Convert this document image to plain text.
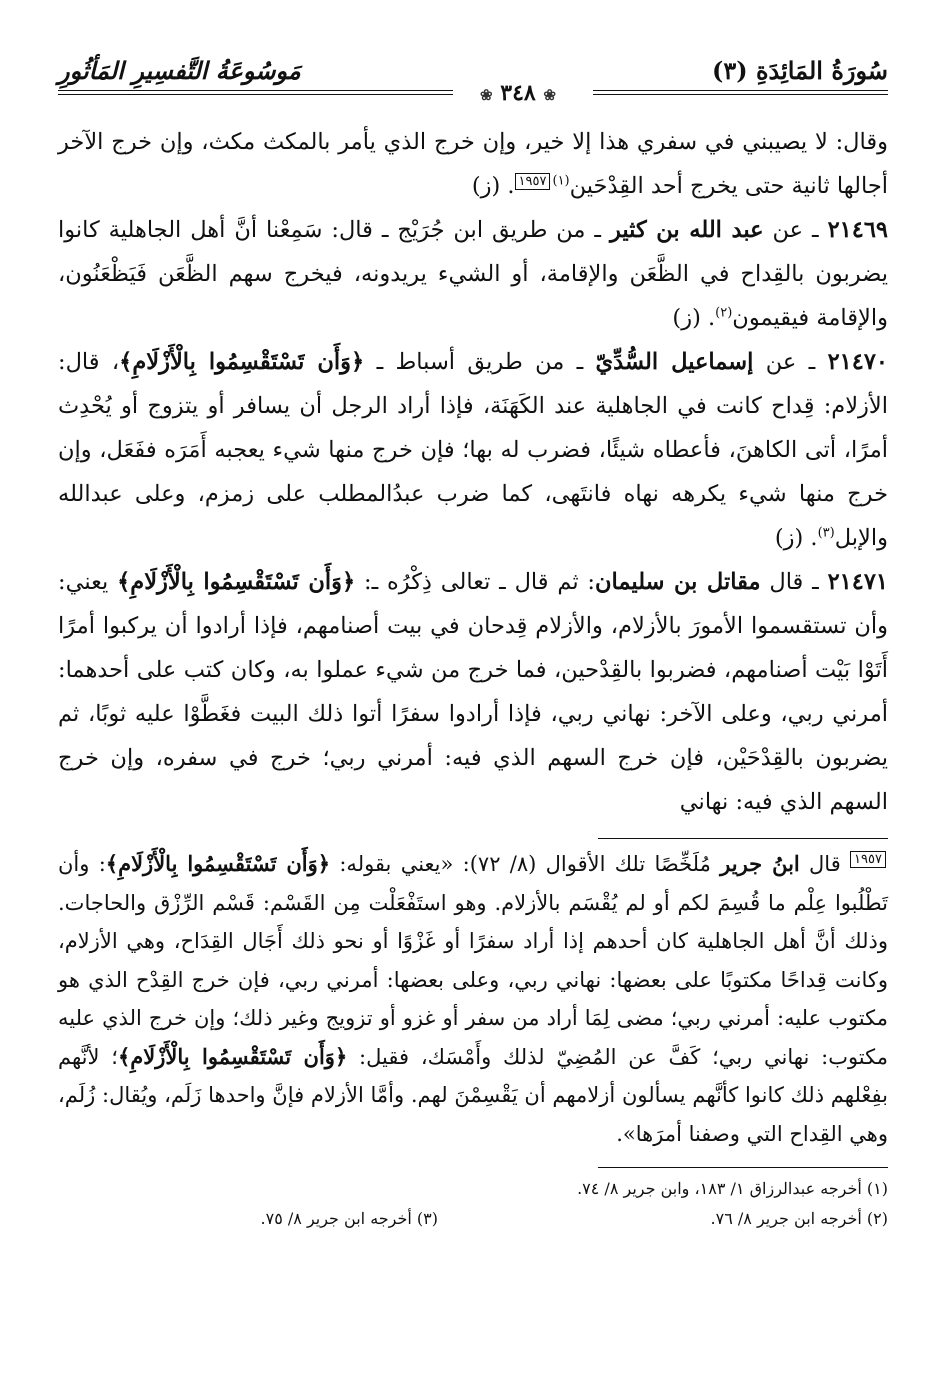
سُورَةُ المَائِدَةِ (٣)
مَوسُوعَةُ التَّفسِيرِ المَأثُورِ
❀ ٣٤٨ ❀

وقال: لا يصيبني في سفري هذا إلا خير، وإن خرج الذي يأمر بالمكث مكث، وإن خرج الآخر أجالها ثانية حتى يخرج أحد القِدْحَين$^{(١)}$١٩٥٧. (ز)

٢١٤٦٩ ـ عن عبد الله بن كثير ـ من طريق ابن جُرَيْج ـ قال: سَمِعْنا أنَّ أهل الجاهلية كانوا يضربون بالقِداح في الظَّعَن والإقامة، أو الشيء يريدونه، فيخرج سهم الظَّعَن فَيَظْعَنُون، والإقامة فيقيمون$^{(٢)}$. (ز)

٢١٤٧٠ ـ عن إسماعيل السُّدِّيّ ـ من طريق أسباط ـ ﴿وَأَن تَسْتَقْسِمُوا بِالْأَزْلَامِ﴾، قال: الأزلام: قِداح كانت في الجاهلية عند الكَهَنَة، فإذا أراد الرجل أن يسافر أو يتزوج أو يُحْدِث أمرًا، أتى الكاهنَ، فأعطاه شيئًا، فضرب له بها؛ فإن خرج منها شيء يعجبه أَمَرَه ففَعَل، وإن خرج منها شيء يكرهه نهاه فانتَهى، كما ضرب عبدُالمطلب على زمزم، وعلى عبدالله والإبل$^{(٣)}$. (ز)

٢١٤٧١ ـ قال مقاتل بن سليمان: ثم قال ـ تعالى ذِكْرُه ـ: ﴿وَأَن تَسْتَقْسِمُوا بِالْأَزْلَامِ﴾ يعني: وأن تستقسموا الأمورَ بالأزلام، والأزلام قِدحان في بيت أصنامهم، فإذا أرادوا أن يركبوا أمرًا أَتَوْا بَيْت أصنامهم، فضربوا بالقِدْحين، فما خرج من شيء عملوا به، وكان كتب على أحدهما: أمرني ربي، وعلى الآخر: نهاني ربي، فإذا أرادوا سفرًا أتوا ذلك البيت فغَطَّوْا عليه ثوبًا، ثم يضربون بالقِدْحَيْن، فإن خرج السهم الذي فيه: أمرني ربي؛ خرج في سفره، وإن خرج السهم الذي فيه: نهاني

١٩٥٧ قال ابنُ جرير مُلَخِّصًا تلك الأقوال (٨/ ٧٢): «يعني بقوله: ﴿وَأَن تَسْتَقْسِمُوا بِالْأَزْلَامِ﴾: وأن تَطْلُبوا عِلْم ما قُسِمَ لكم أو لم يُقْسَم بالأزلام. وهو استَفْعَلْت مِن القَسْم: قَسْم الرِّزْق والحاجات. وذلك أنَّ أهل الجاهلية كان أحدهم إذا أراد سفرًا أو غَزْوًا أو نحو ذلك أَجَال القِدَاح، وهي الأزلام، وكانت قِداحًا مكتوبًا على بعضها: نهاني ربي، وعلى بعضها: أمرني ربي، فإن خرج القِدْح الذي هو مكتوب عليه: أمرني ربي؛ مضى لِمَا أراد من سفر أو غزو أو تزويج وغير ذلك؛ وإن خرج الذي عليه مكتوب: نهاني ربي؛ كَفَّ عن المُضِيّ لذلك وأَمْسَك، فقيل: ﴿وَأَن تَسْتَقْسِمُوا بِالْأَزْلَامِ﴾؛ لأنَّهم بفِعْلهم ذلك كانوا كأنَّهم يسألون أزلامهم أن يَقْسِمْنَ لهم. وأمَّا الأزلام فإنَّ واحدها زَلَم، ويُقال: زُلَم، وهي القِداح التي وصفنا أمرَها».

(١) أخرجه عبدالرزاق ١/ ١٨٣، وابن جرير ٨/ ٧٤.
(٢) أخرجه ابن جرير ٨/ ٧٦.
(٣) أخرجه ابن جرير ٨/ ٧٥.
